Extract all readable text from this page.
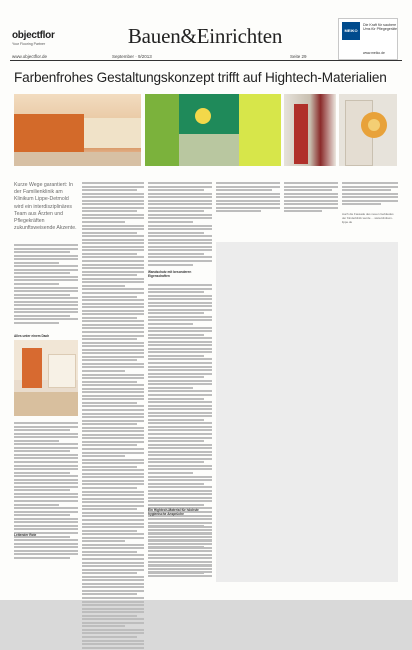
objectflor
Your Flooring Partner	Bauen&Einrichten	MEIKO
Die Kraft für saubere Ums für Pflegegeräte
www.meiko.de
www.objectflor.de	September · 9/2013	Seite 29
Farbenfrohes Gestaltungskonzept trifft auf Hightech-Materialien
Kurze Wege garantiert: In der Familienklinik am Klinikum Lippe-Detmold wird ein interdisziplinäres Team aus Ärzten und Pflegekräften zukunftsweisende Akzente.
Alles unter einem Dach
Leitender Rote
Wandschutz mit besonderen Eigenschaften
Ein Hightech-Material für höchste hygienische Ansprüche
Auch die Fassade des neuen Gebäudes der Kinderklinik wurde ... www.klinikum-lippe.de
